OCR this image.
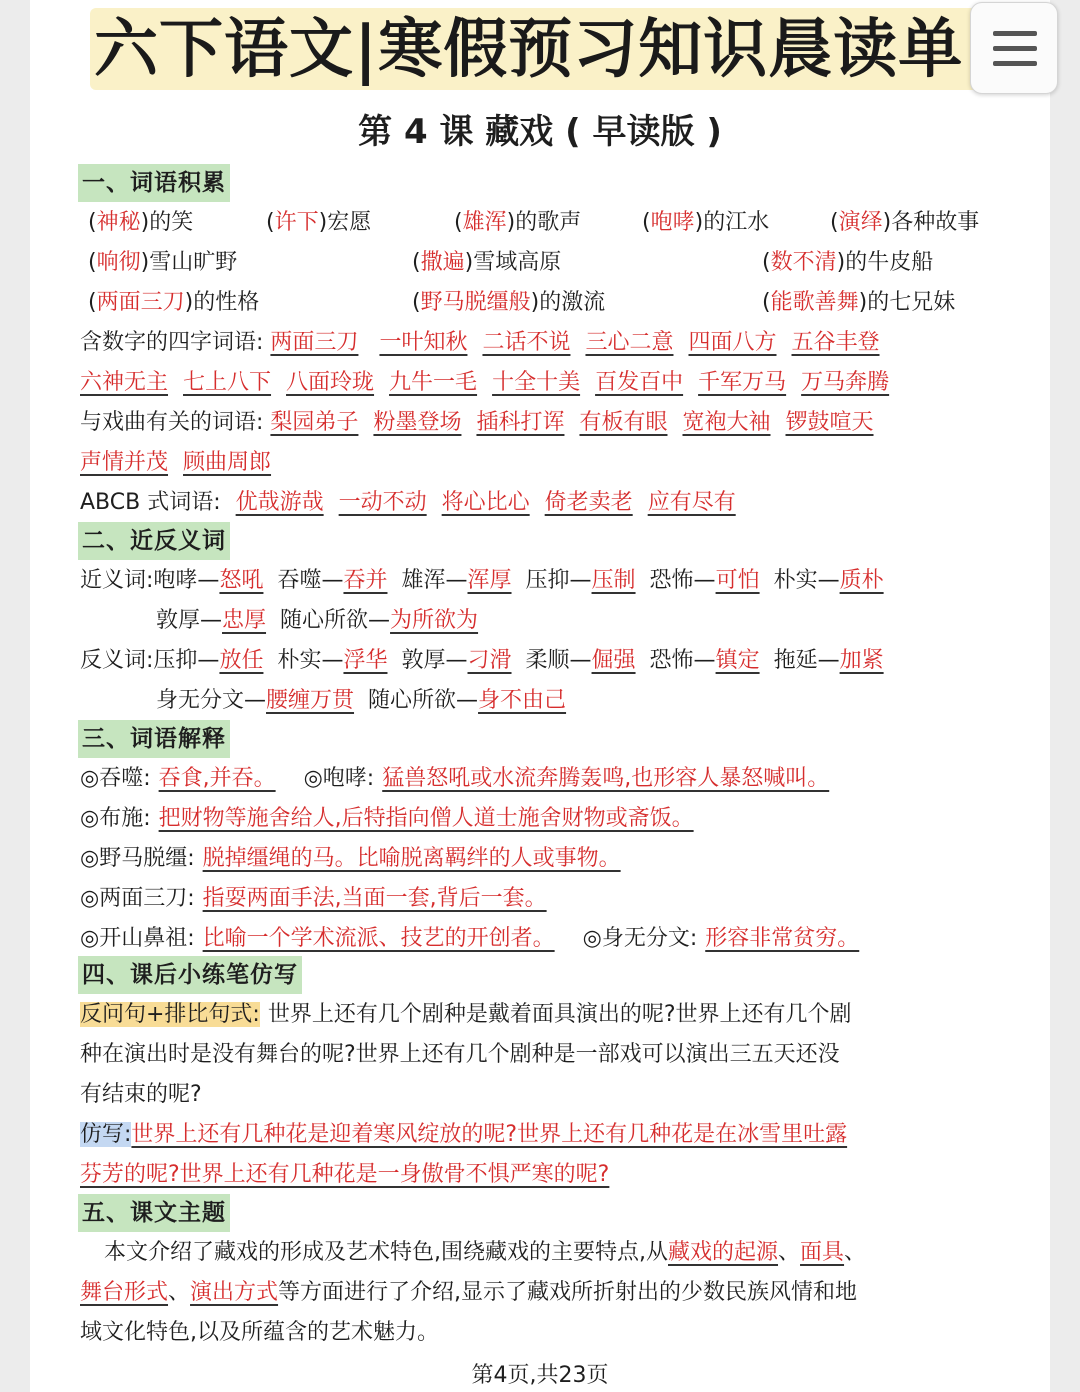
六下语文|寒假预习知识晨读单
第 4 课 藏戏 ( 早读版 )
一、词语积累
(神秘)的笑	(许下)宏愿	(雄浑)的歌声	(咆哮)的江水	(演绎)各种故事
(响彻)雪山旷野	(撒遍)雪域高原	(数不清)的牛皮船
(两面三刀)的性格	(野马脱缰般)的激流	(能歌善舞)的七兄妹
含数字的四字词语: 两面三刀 一叶知秋 二话不说 三心二意 四面八方 五谷丰登
六神无主 七上八下 八面玲珑 九牛一毛 十全十美 百发百中 千军万马 万马奔腾
与戏曲有关的词语: 梨园弟子 粉墨登场 插科打诨 有板有眼 宽袍大袖 锣鼓喧天
声情并茂 顾曲周郎
ABCB 式词语: 优哉游哉 一动不动 将心比心 倚老卖老 应有尽有
二、近反义词
近义词:咆哮—怒吼 吞噬—吞并 雄浑—浑厚 压抑—压制 恐怖—可怕 朴实—质朴
敦厚—忠厚 随心所欲—为所欲为
反义词:压抑—放任 朴实—浮华 敦厚—刁滑 柔顺—倔强 恐怖—镇定 拖延—加紧
身无分文—腰缠万贯 随心所欲—身不由己
三、词语解释
◎吞噬: 吞食,并吞。 ◎咆哮: 猛兽怒吼或水流奔腾轰鸣,也形容人暴怒喊叫。
◎布施: 把财物等施舍给人,后特指向僧人道士施舍财物或斋饭。
◎野马脱缰: 脱掉缰绳的马。比喻脱离羁绊的人或事物。
◎两面三刀: 指耍两面手法,当面一套,背后一套。
◎开山鼻祖: 比喻一个学术流派、技艺的开创者。 ◎身无分文: 形容非常贫穷。
四、课后小练笔仿写
反问句+排比句式: 世界上还有几个剧种是戴着面具演出的呢?世界上还有几个剧
种在演出时是没有舞台的呢?世界上还有几个剧种是一部戏可以演出三五天还没
有结束的呢?
仿写:世界上还有几种花是迎着寒风绽放的呢?世界上还有几种花是在冰雪里吐露
芬芳的呢?世界上还有几种花是一身傲骨不惧严寒的呢?
五、课文主题
本文介绍了藏戏的形成及艺术特色,围绕藏戏的主要特点,从藏戏的起源、面具、
舞台形式、演出方式等方面进行了介绍,显示了藏戏所折射出的少数民族风情和地
域文化特色,以及所蕴含的艺术魅力。
第4页,共23页
